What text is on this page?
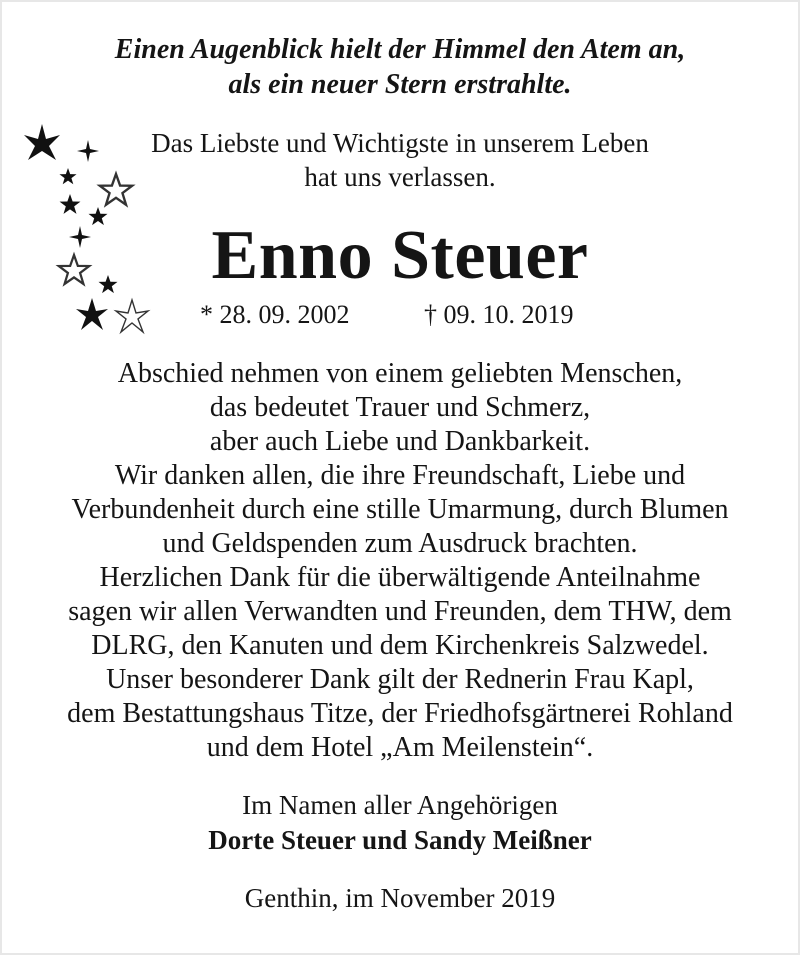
Einen Augenblick hielt der Himmel den Atem an,
als ein neuer Stern erstrahlte.
Das Liebste und Wichtigste in unserem Leben
hat uns verlassen.
Enno Steuer
* 28. 09. 2002	† 09. 10. 2019
Abschied nehmen von einem geliebten Menschen,
das bedeutet Trauer und Schmerz,
aber auch Liebe und Dankbarkeit.
Wir danken allen, die ihre Freundschaft, Liebe und
Verbundenheit durch eine stille Umarmung, durch Blumen
und Geldspenden zum Ausdruck brachten.
Herzlichen Dank für die überwältigende Anteilnahme
sagen wir allen Verwandten und Freunden, dem THW, dem
DLRG, den Kanuten und dem Kirchenkreis Salzwedel.
Unser besonderer Dank gilt der Rednerin Frau Kapl,
dem Bestattungshaus Titze, der Friedhofsgärtnerei Rohland
und dem Hotel „Am Meilenstein“.
Im Namen aller Angehörigen
Dorte Steuer und Sandy Meißner
Genthin, im November 2019
